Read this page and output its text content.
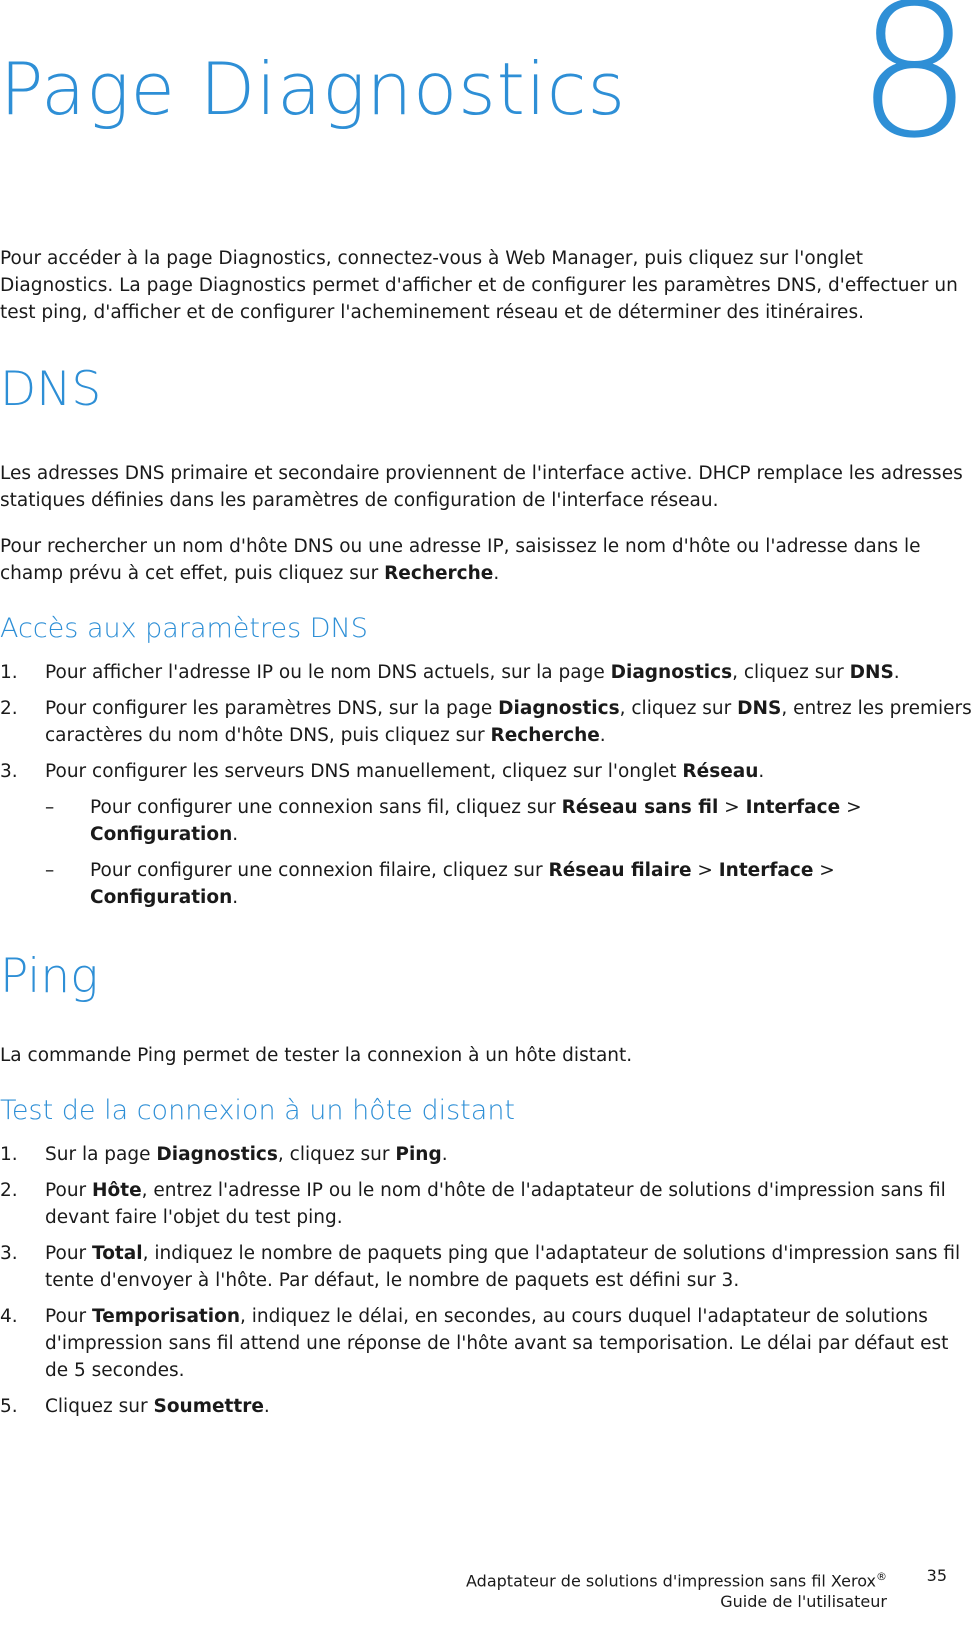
Page Diagnostics 8

Pour accéder à la page Diagnostics, connectez-vous à Web Manager, puis cliquez sur l'onglet Diagnostics. La page Diagnostics permet d'afficher et de configurer les paramètres DNS, d'effectuer un test ping, d'afficher et de configurer l'acheminement réseau et de déterminer des itinéraires.

DNS

Les adresses DNS primaire et secondaire proviennent de l'interface active. DHCP remplace les adresses statiques définies dans les paramètres de configuration de l'interface réseau.

Pour rechercher un nom d'hôte DNS ou une adresse IP, saisissez le nom d'hôte ou l'adresse dans le champ prévu à cet effet, puis cliquez sur Recherche.

Accès aux paramètres DNS
1. Pour afficher l'adresse IP ou le nom DNS actuels, sur la page Diagnostics, cliquez sur DNS.
2. Pour configurer les paramètres DNS, sur la page Diagnostics, cliquez sur DNS, entrez les premiers caractères du nom d'hôte DNS, puis cliquez sur Recherche.
3. Pour configurer les serveurs DNS manuellement, cliquez sur l'onglet Réseau.
– Pour configurer une connexion sans fil, cliquez sur Réseau sans fil > Interface > Configuration.
– Pour configurer une connexion filaire, cliquez sur Réseau filaire > Interface > Configuration.
Ping

La commande Ping permet de tester la connexion à un hôte distant.

Test de la connexion à un hôte distant
1. Sur la page Diagnostics, cliquez sur Ping.
2. Pour Hôte, entrez l'adresse IP ou le nom d'hôte de l'adaptateur de solutions d'impression sans fil devant faire l'objet du test ping.
3. Pour Total, indiquez le nombre de paquets ping que l'adaptateur de solutions d'impression sans fil tente d'envoyer à l'hôte. Par défaut, le nombre de paquets est défini sur 3.
4. Pour Temporisation, indiquez le délai, en secondes, au cours duquel l'adaptateur de solutions d'impression sans fil attend une réponse de l'hôte avant sa temporisation. Le délai par défaut est de 5 secondes.
5. Cliquez sur Soumettre.
Adaptateur de solutions d'impression sans fil Xerox®
Guide de l'utilisateur
35
